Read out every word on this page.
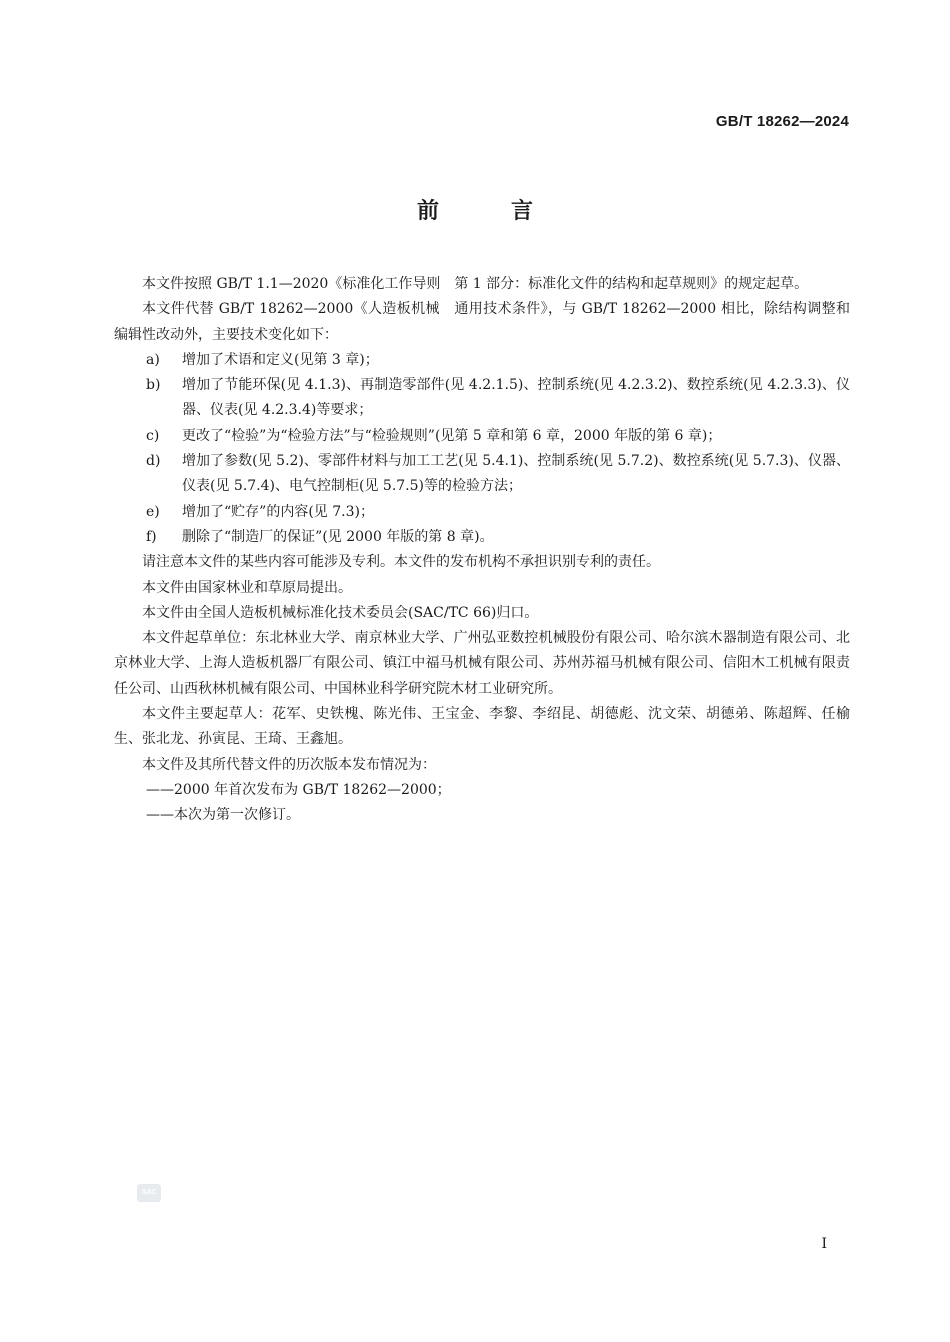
GB/T 18262—2024
前言

本文件按照 GB/T 1.1—2020《标准化工作导则　第 1 部分：标准化文件的结构和起草规则》的规定起草。

本文件代替 GB/T 18262—2000《人造板机械　通用技术条件》，与 GB/T 18262—2000 相比，除结构调整和编辑性改动外，主要技术变化如下：

a)	增加了术语和定义(见第 3 章)；
b)	增加了节能环保(见 4.1.3)、再制造零部件(见 4.2.1.5)、控制系统(见 4.2.3.2)、数控系统(见 4.2.3.3)、仪器、仪表(见 4.2.3.4)等要求；
c)	更改了“检验”为“检验方法”与“检验规则”(见第 5 章和第 6 章，2000 年版的第 6 章)；
d)	增加了参数(见 5.2)、零部件材料与加工工艺(见 5.4.1)、控制系统(见 5.7.2)、数控系统(见 5.7.3)、仪器、仪表(见 5.7.4)、电气控制柜(见 5.7.5)等的检验方法；
e)	增加了“贮存”的内容(见 7.3)；
f)	删除了“制造厂的保证”(见 2000 年版的第 8 章)。

请注意本文件的某些内容可能涉及专利。本文件的发布机构不承担识别专利的责任。

本文件由国家林业和草原局提出。

本文件由全国人造板机械标准化技术委员会(SAC/TC 66)归口。

本文件起草单位：东北林业大学、南京林业大学、广州弘亚数控机械股份有限公司、哈尔滨木器制造有限公司、北京林业大学、上海人造板机器厂有限公司、镇江中福马机械有限公司、苏州苏福马机械有限公司、信阳木工机械有限责任公司、山西秋林机械有限公司、中国林业科学研究院木材工业研究所。

本文件主要起草人：花军、史铁槐、陈光伟、王宝金、李黎、李绍昆、胡德彪、沈文荣、胡德弟、陈超辉、任榆生、张北龙、孙寅昆、王琦、王鑫旭。

本文件及其所代替文件的历次版本发布情况为：

——2000 年首次发布为 GB/T 18262—2000；

——本次为第一次修订。

SAC
I
